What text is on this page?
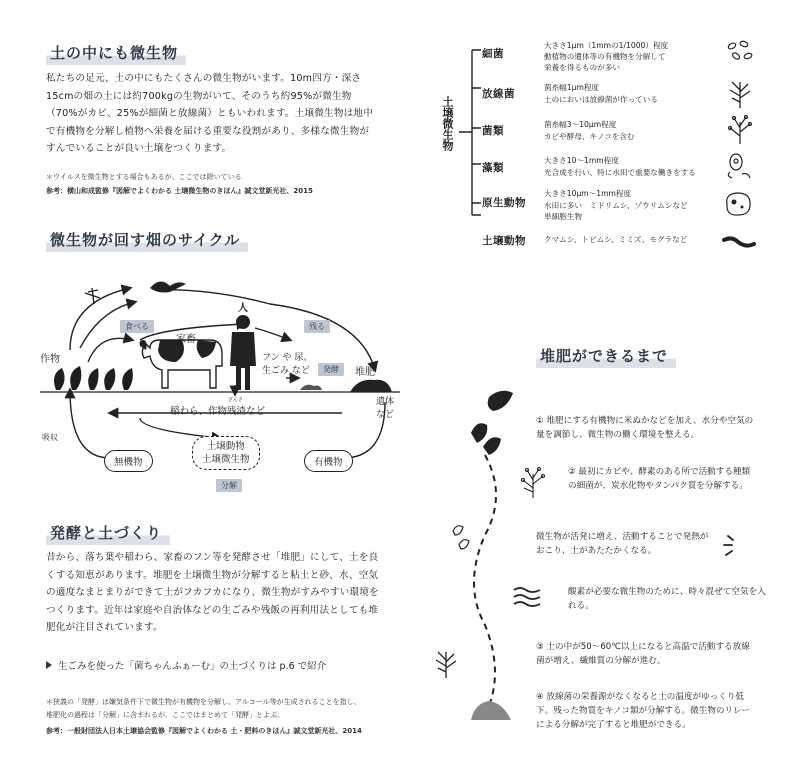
土の中にも微生物
私たちの足元、土の中にもたくさんの微生物がいます。10m四方・深さ15cmの畑の土には約700kgの生物がいて、そのうち約95%が微生物（70%がカビ、25%が細菌と放線菌）ともいわれます。土壌微生物は地中で有機物を分解し植物へ栄養を届ける重要な役割があり、多様な微生物がすんでいることが良い土壌をつくります。
＊ウイルスを微生物とする場合もあるが、ここでは除いている
参考：横山和成監修『図解でよくわかる 土壌微生物のきほん』誠文堂新光社、2015
土壌微生物
細菌
大きさ1μm（1mmの1/1000）程度
動植物の遺体等の有機物を分解して
栄養を得るものが多い
放線菌
菌糸幅1μm程度
土のにおいは放線菌が作っている
菌類
菌糸幅3〜10μm程度
カビや酵母、キノコを含む
藻類
大きさ10〜1mm程度
光合成を行い、特に水田で重要な働きをする
原生動物
大きさ10μm〜1mm程度
水田に多い　ミドリムシ、ゾウリムシなど
単細胞生物
土壌動物 クマムシ、トビムシ、ミミズ、モグラなど
微生物が回す畑のサイクル
人
家畜
作物
食べる	残る
フン や 尿、
生ごみ など	発酵	堆肥
遺体
など
ざんさ
稲わら、作物残渣など
吸収
無機物
土壌動物
土壌微生物	有機物
分解
発酵と土づくり
昔から、落ち葉や稲わら、家畜のフン等を発酵させ「堆肥」にして、土を良くする知恵があります。堆肥を土壌微生物が分解すると粘土と砂、水、空気の適度なまとまりができて土がフカフカになり、微生物がすみやすい環境をつくります。近年は家庭や自治体などの生ごみや残飯の再利用法としても堆肥化が注目されています。
生ごみを使った「菌ちゃんふぁーむ」の土づくりは p.6 で紹介
＊狭義の「発酵」は嫌気条件下で微生物が有機物を分解し、アルコール等が生成されることを指し、
堆肥化の過程は「分解」に含まれるが、ここではまとめて「発酵」とよぶ。
参考：一般財団法人日本土壌協会監修『図解でよくわかる 土・肥料のきほん』誠文堂新光社、2014
堆肥ができるまで
① 堆肥にする有機物に米ぬかなどを加え、水分や空気の量を調節し、微生物の働く環境を整える。
② 最初にカビや、酵素のある所で活動する種類の細菌が、炭水化物やタンパク質を分解する。
微生物が活発に増え、活動することで発熱がおこり、土があたたかくなる。
酸素が必要な微生物のために、時々混ぜて空気を入れる。
③ 土の中が50〜60℃以上になると高温で活動する放線菌が増え、繊維質の分解が進む。
④ 放線菌の栄養源がなくなると土の温度がゆっくり低下。残った物質をキノコ類が分解する。微生物のリレーによる分解が完了すると堆肥ができる。
